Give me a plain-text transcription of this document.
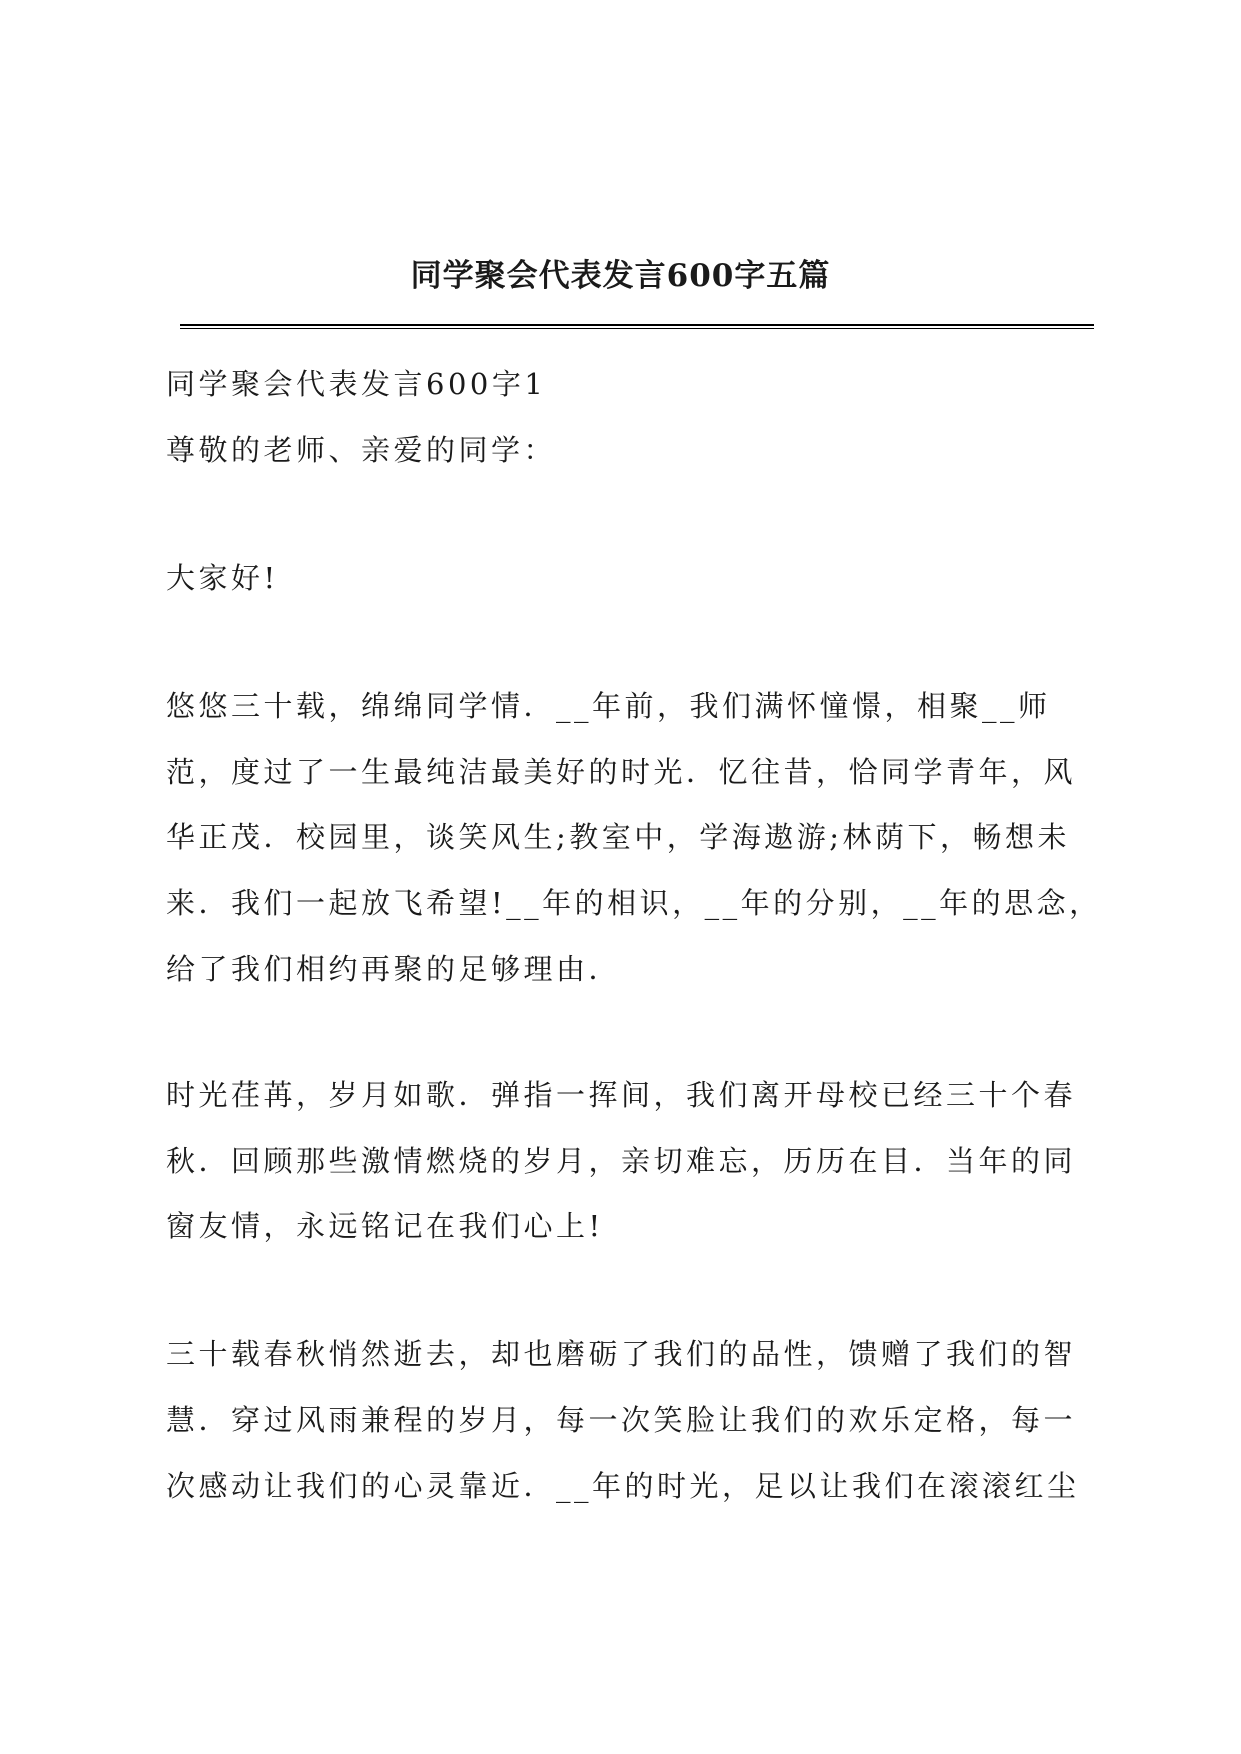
同学聚会代表发言600字五篇
同学聚会代表发言600字1
尊敬的老师、亲爱的同学：
大家好!
悠悠三十载，绵绵同学情．__年前，我们满怀憧憬，相聚__师
范，度过了一生最纯洁最美好的时光．忆往昔，恰同学青年，风
华正茂．校园里，谈笑风生;教室中，学海遨游;林荫下，畅想未
来．我们一起放飞希望!__年的相识，__年的分别，__年的思念，
给了我们相约再聚的足够理由．
时光荏苒，岁月如歌．弹指一挥间，我们离开母校已经三十个春
秋．回顾那些激情燃烧的岁月，亲切难忘，历历在目．当年的同
窗友情，永远铭记在我们心上!
三十载春秋悄然逝去，却也磨砺了我们的品性，馈赠了我们的智
慧．穿过风雨兼程的岁月，每一次笑脸让我们的欢乐定格，每一
次感动让我们的心灵靠近．__年的时光，足以让我们在滚滚红尘
